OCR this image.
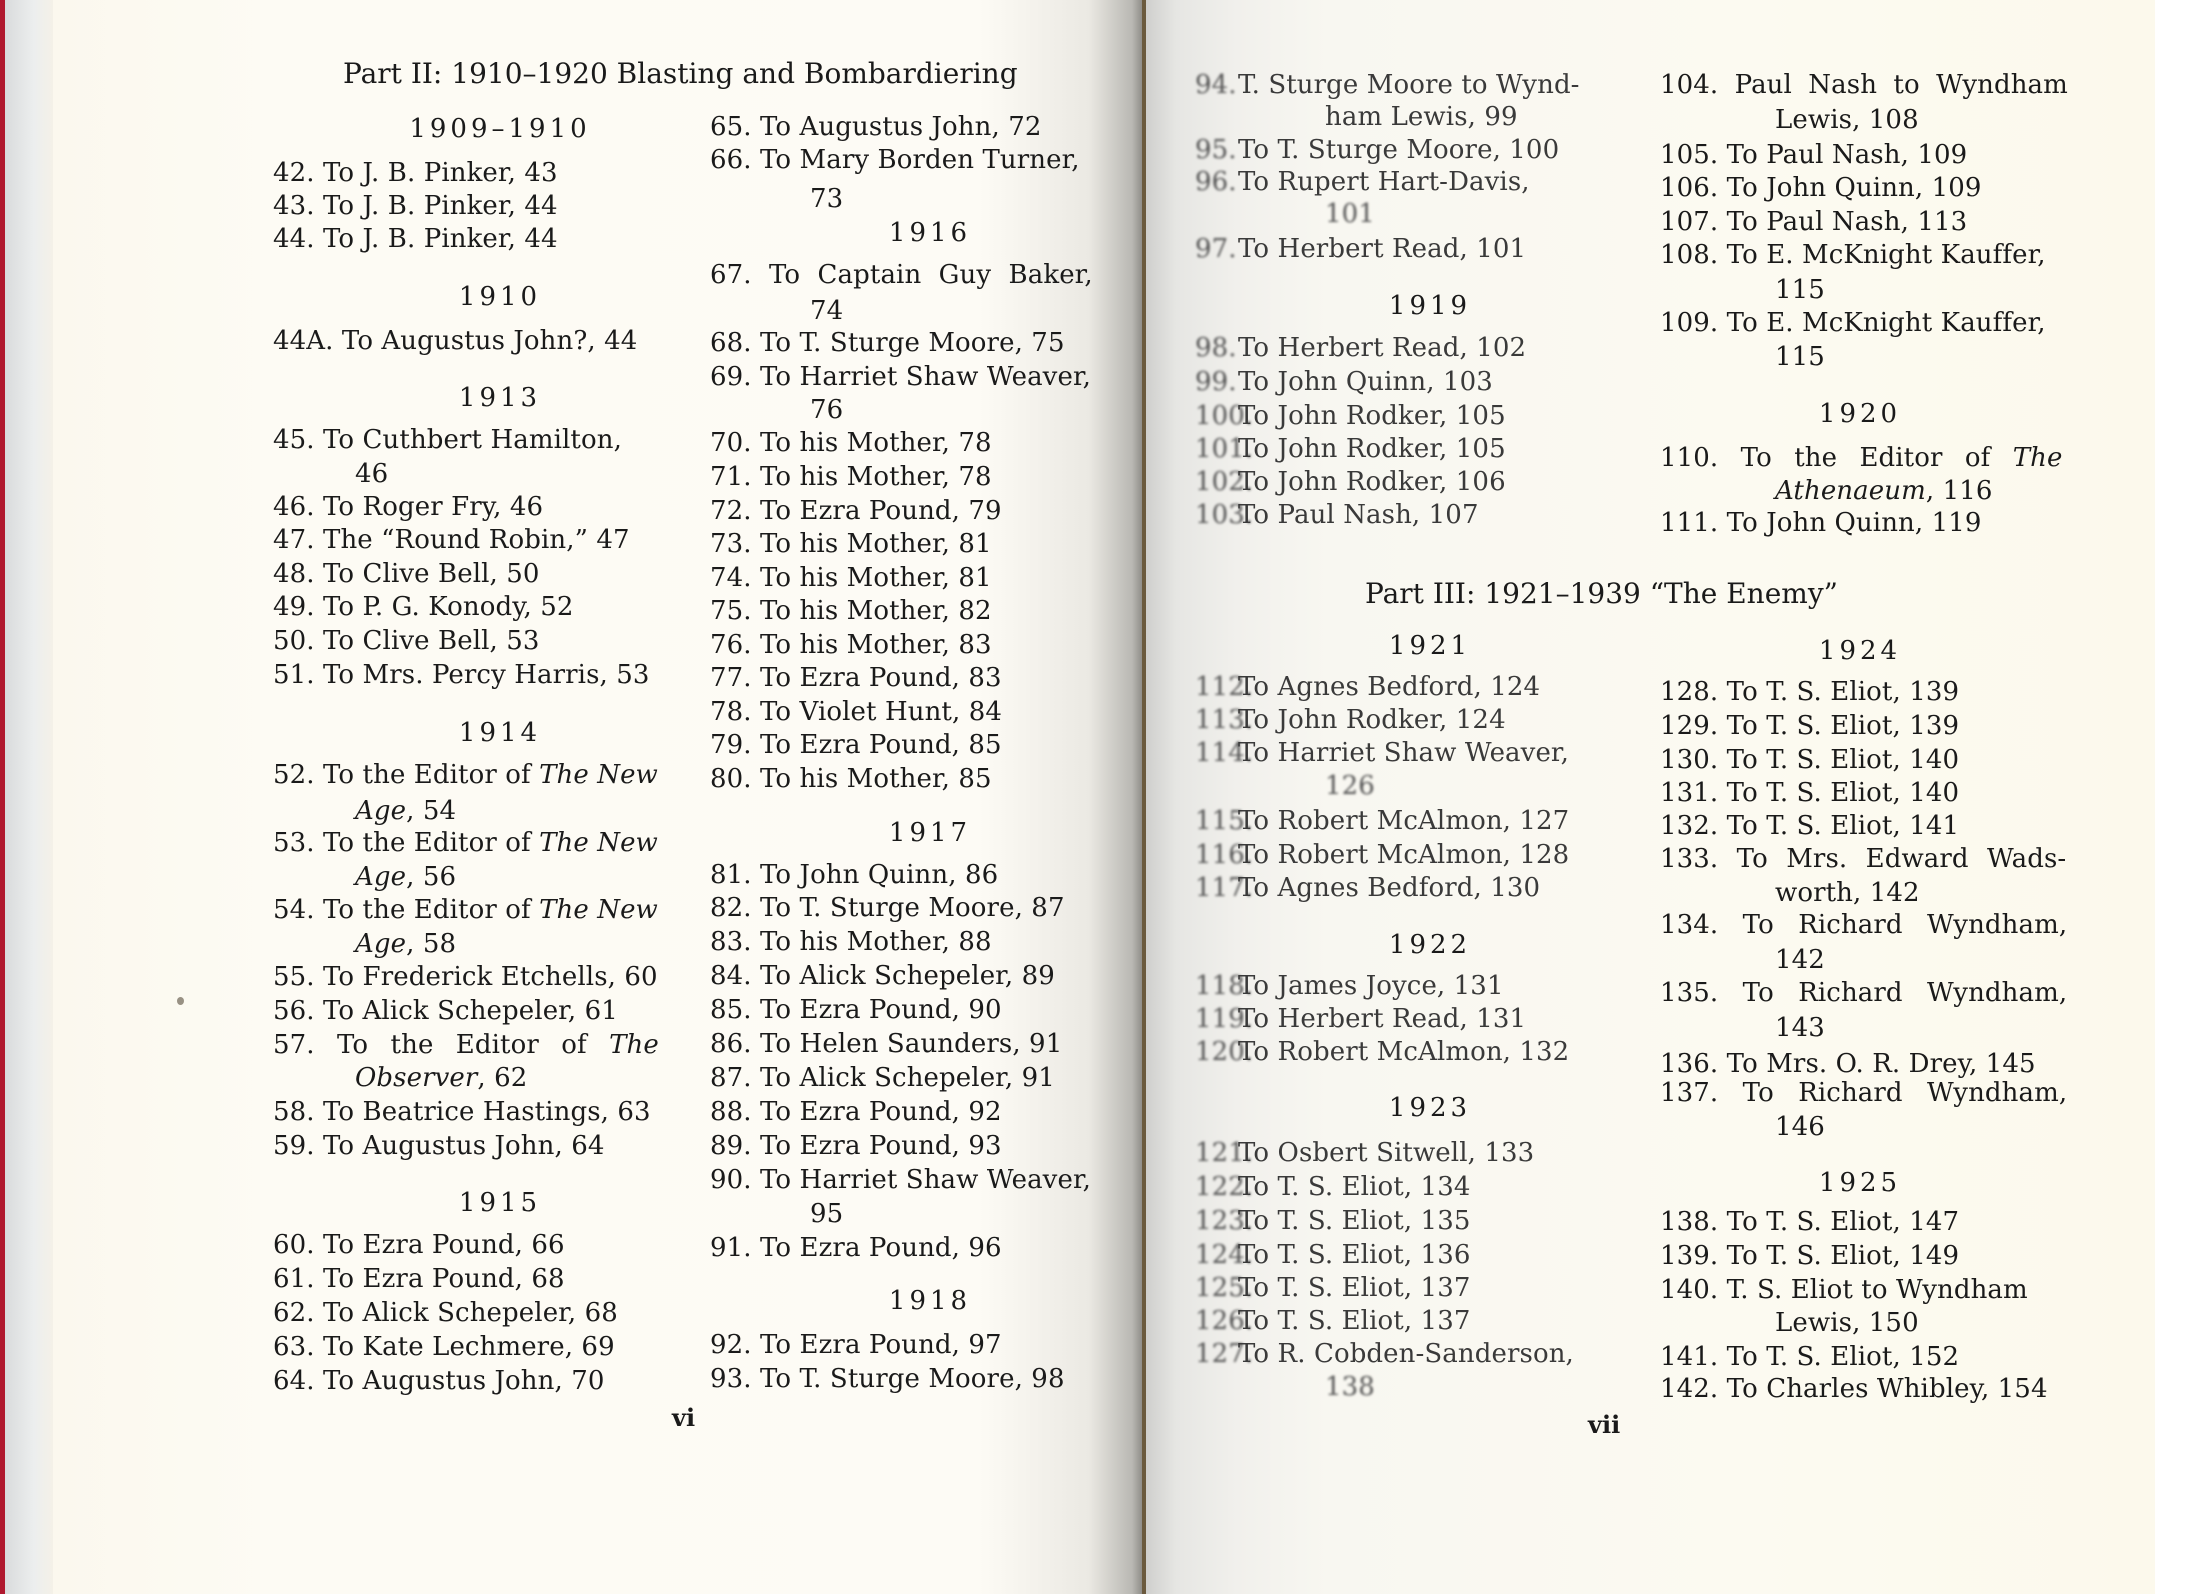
Part II: 1910–1920 Blasting and Bombardiering
1909–1910
42. To J. B. Pinker, 43
43. To J. B. Pinker, 44
44. To J. B. Pinker, 44
1910
44A. To Augustus John?, 44
1913
45. To Cuthbert Hamilton,
46
46. To Roger Fry, 46
47. The “Round Robin,” 47
48. To Clive Bell, 50
49. To P. G. Konody, 52
50. To Clive Bell, 53
51. To Mrs. Percy Harris, 53
1914
52. To the Editor of The New
Age, 54
53. To the Editor of The New
Age, 56
54. To the Editor of The New
Age, 58
55. To Frederick Etchells, 60
56. To Alick Schepeler, 61
57. To the Editor of The
Observer, 62
58. To Beatrice Hastings, 63
59. To Augustus John, 64
1915
60. To Ezra Pound, 66
61. To Ezra Pound, 68
62. To Alick Schepeler, 68
63. To Kate Lechmere, 69
64. To Augustus John, 70
65. To Augustus John, 72
66. To Mary Borden Turner,
73
1916
67. To Captain Guy Baker,
74
68. To T. Sturge Moore, 75
69. To Harriet Shaw Weaver,
76
70. To his Mother, 78
71. To his Mother, 78
72. To Ezra Pound, 79
73. To his Mother, 81
74. To his Mother, 81
75. To his Mother, 82
76. To his Mother, 83
77. To Ezra Pound, 83
78. To Violet Hunt, 84
79. To Ezra Pound, 85
80. To his Mother, 85
1917
81. To John Quinn, 86
82. To T. Sturge Moore, 87
83. To his Mother, 88
84. To Alick Schepeler, 89
85. To Ezra Pound, 90
86. To Helen Saunders, 91
87. To Alick Schepeler, 91
88. To Ezra Pound, 92
89. To Ezra Pound, 93
90. To Harriet Shaw Weaver,
95
91. To Ezra Pound, 96
1918
92. To Ezra Pound, 97
93. To T. Sturge Moore, 98
vi
94. T. Sturge Moore to Wynd-
ham Lewis, 99
95. To T. Sturge Moore, 100
96. To Rupert Hart-Davis,
101
97. To Herbert Read, 101
1919
98. To Herbert Read, 102
99. To John Quinn, 103
100.
To John Rodker, 105
101.
To John Rodker, 105
102.
To John Rodker, 106
103.
To Paul Nash, 107
Part III: 1921–1939 “The Enemy”
1921
112.
To Agnes Bedford, 124
113.
To John Rodker, 124
114.
To Harriet Shaw Weaver,
126
115.
To Robert McAlmon, 127
116.
To Robert McAlmon, 128
117.
To Agnes Bedford, 130
1922
118.
To James Joyce, 131
119.
To Herbert Read, 131
120.
To Robert McAlmon, 132
1923
121.
To Osbert Sitwell, 133
122.
To T. S. Eliot, 134
123.
To T. S. Eliot, 135
124.
To T. S. Eliot, 136
125.
To T. S. Eliot, 137
126.
To T. S. Eliot, 137
127.
To R. Cobden-Sanderson,
138
104. Paul Nash to Wyndham
Lewis, 108
105. To Paul Nash, 109
106. To John Quinn, 109
107. To Paul Nash, 113
108. To E. McKnight Kauffer,
115
109. To E. McKnight Kauffer,
115
1920
110. To the Editor of The
Athenaeum, 116
111. To John Quinn, 119
1924
128. To T. S. Eliot, 139
129. To T. S. Eliot, 139
130. To T. S. Eliot, 140
131. To T. S. Eliot, 140
132. To T. S. Eliot, 141
133. To Mrs. Edward Wads-
worth, 142
134. To Richard Wyndham,
142
135. To Richard Wyndham,
143
136. To Mrs. O. R. Drey, 145
137. To Richard Wyndham,
146
1925
138. To T. S. Eliot, 147
139. To T. S. Eliot, 149
140. T. S. Eliot to Wyndham
Lewis, 150
141. To T. S. Eliot, 152
142. To Charles Whibley, 154
vii
